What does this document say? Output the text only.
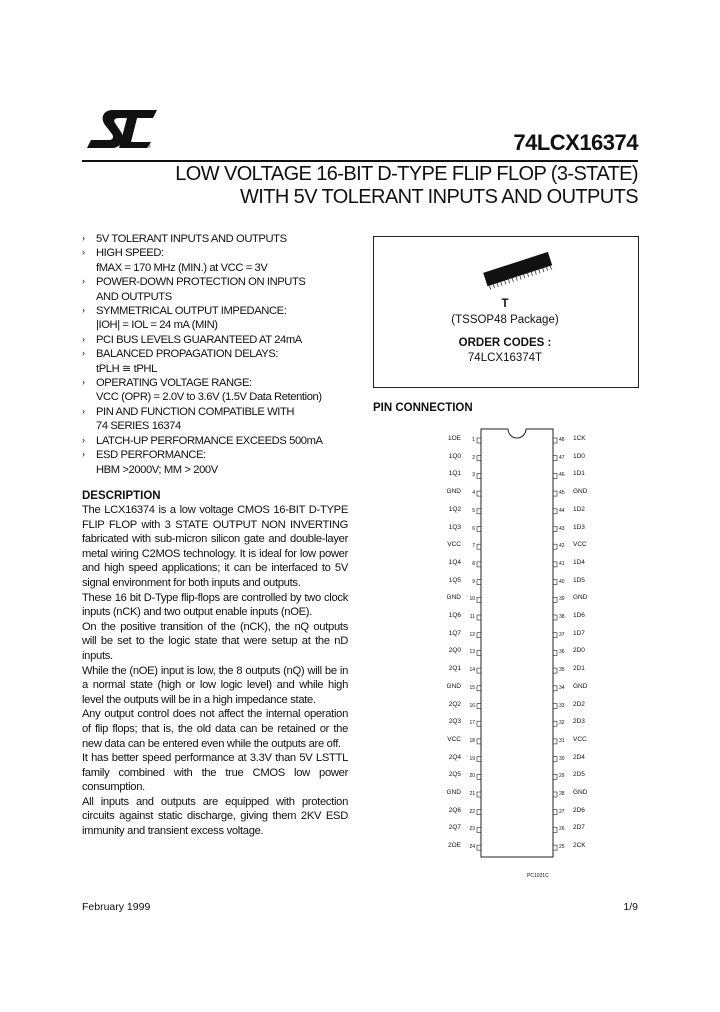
®	74LCX16374
LOW VOLTAGE 16-BIT D-TYPE FLIP FLOP (3-STATE)
WITH 5V TOLERANT INPUTS AND OUTPUTS
› 5V TOLERANT INPUTS AND OUTPUTS
› HIGH SPEED:
fMAX = 170 MHz (MIN.) at VCC = 3V
› POWER-DOWN PROTECTION ON INPUTS
AND OUTPUTS
› SYMMETRICAL OUTPUT IMPEDANCE:
|IOH| = IOL = 24 mA (MIN)
› PCI BUS LEVELS GUARANTEED AT 24mA
› BALANCED PROPAGATION DELAYS:
tPLH ≅ tPHL
› OPERATING VOLTAGE RANGE:
VCC (OPR) = 2.0V to 3.6V (1.5V Data Retention)
› PIN AND FUNCTION COMPATIBLE WITH
74 SERIES 16374
› LATCH-UP PERFORMANCE EXCEEDS 500mA
› ESD PERFORMANCE:
HBM >2000V; MM > 200V
DESCRIPTION

The LCX16374 is a low voltage CMOS 16-BIT D-TYPE FLIP FLOP with 3 STATE OUTPUT NON INVERTING fabricated with sub-micron silicon gate and double-layer metal wiring C2MOS technology. It is ideal for low power and high speed applications; it can be interfaced to 5V signal environment for both inputs and outputs.

These 16 bit D-Type flip-flops are controlled by two clock inputs (nCK) and two output enable inputs (nOE).

On the positive transition of the (nCK), the nQ outputs will be set to the logic state that were setup at the nD inputs.

While the (nOE) input is low, the 8 outputs (nQ) will be in a normal state (high or low logic level) and while high level the outputs will be in a high impedance state.

Any output control does not affect the internal operation of flip flops; that is, the old data can be retained or the new data can be entered even while the outputs are off.

It has better speed performance at 3.3V than 5V LSTTL family combined with the true CMOS low power consumption.

All inputs and outputs are equipped with protection circuits against static discharge, giving them 2KV ESD immunity and transient excess voltage.

T
(TSSOP48 Package)
ORDER CODES :
74LCX16374T
PIN CONNECTION
1OE 1
1Q0 2
1Q1 3
GND 4
1Q2 5
1Q3 6
VCC 7
1Q4 8
1Q5 9
GND 10
1Q6 11
1Q7 12
2Q0 13
2Q1 14
GND 15
2Q2 16
2Q3 17
VCC 18
2Q4 19
2Q5 20
GND 21
2Q6 22
2Q7 23
2OE 24
48 1CK
47 1D0
46 1D1
45 GND
44 1D2
43 1D3
42 VCC
41 1D4
40 1D5
39 GND
38 1D6
37 1D7
36 2D0
35 2D1
34 GND
33 2D2
32 2D3
31 VCC
30 2D4
29 2D5
28 GND
27 2D6
26 2D7
25 2CK
PC1021C
February 1999	1/9
